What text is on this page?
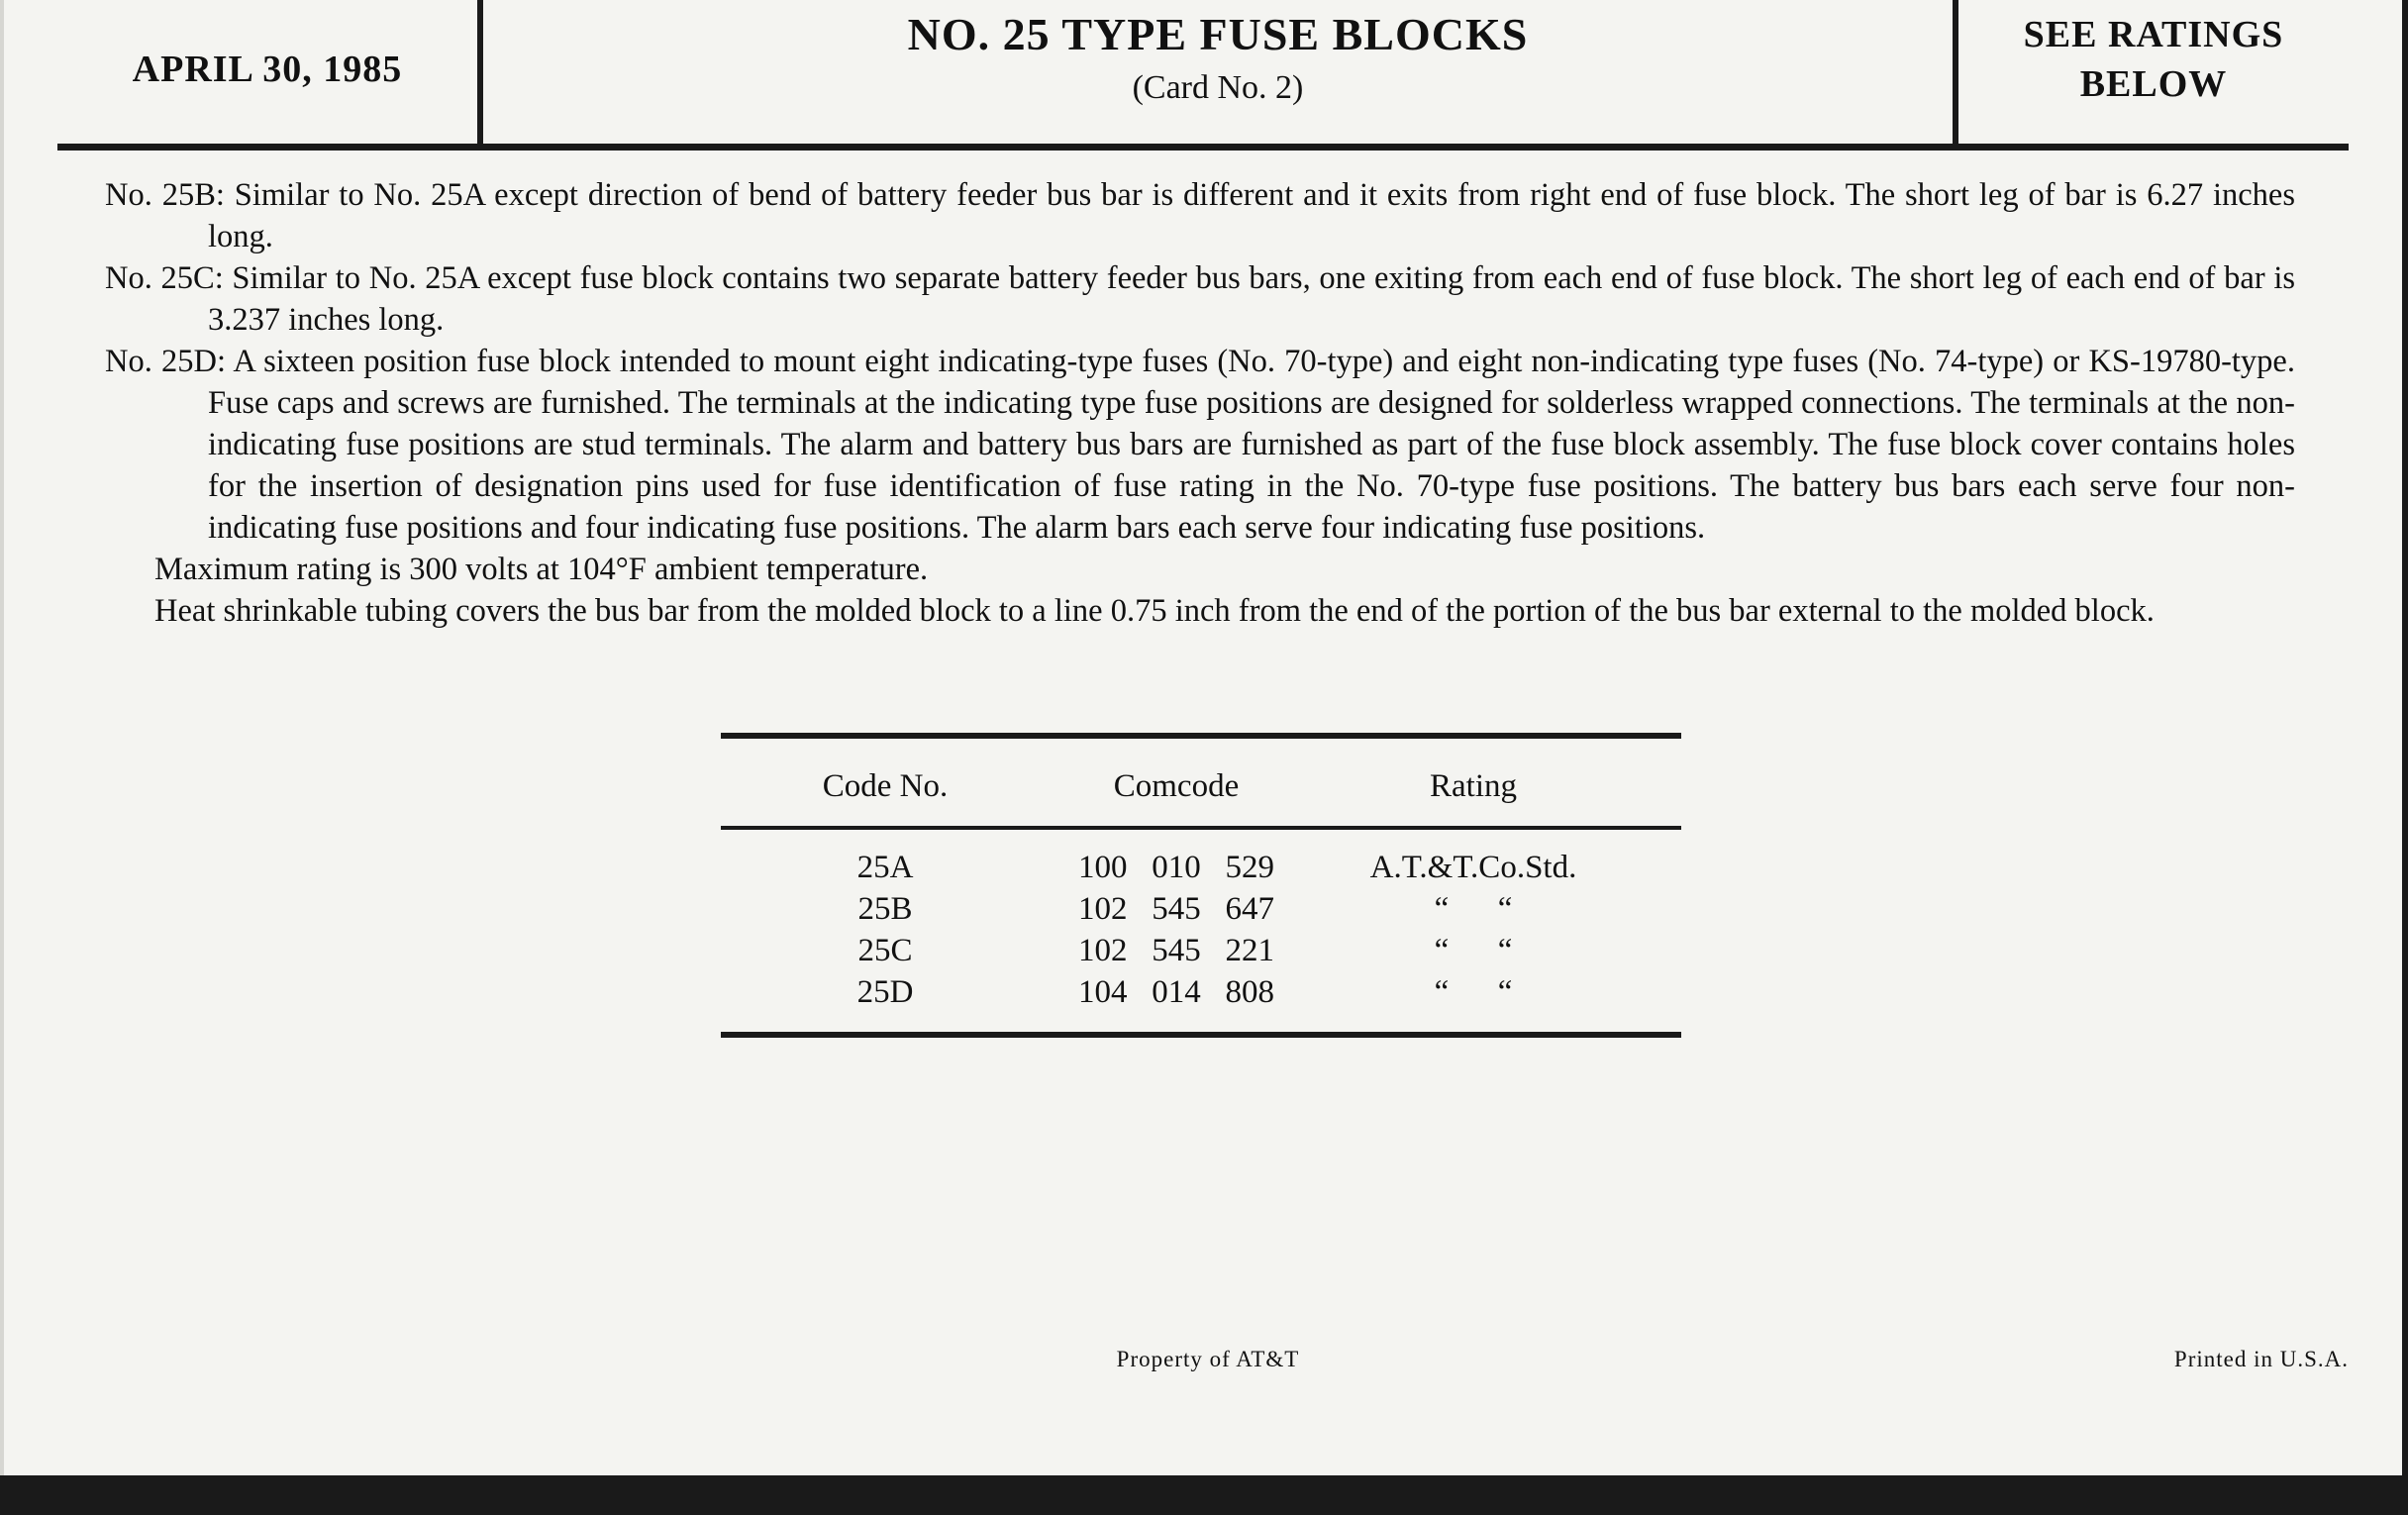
APRIL 30, 1985
NO. 25 TYPE FUSE BLOCKS
(Card No. 2)
SEE RATINGS
BELOW

No. 25B: Similar to No. 25A except direction of bend of battery feeder bus bar is different and it exits from right end of fuse block. The short leg of bar is 6.27 inches long.

No. 25C: Similar to No. 25A except fuse block contains two separate battery feeder bus bars, one exiting from each end of fuse block. The short leg of each end of bar is 3.237 inches long.

No. 25D: A sixteen position fuse block intended to mount eight indicating-type fuses (No. 70-type) and eight non-indicating type fuses (No. 74-type) or KS-19780-type. Fuse caps and screws are furnished. The terminals at the indicating type fuse positions are designed for solderless wrapped connections. The terminals at the non-indicating fuse positions are stud terminals. The alarm and battery bus bars are furnished as part of the fuse block assembly. The fuse block cover contains holes for the insertion of designation pins used for fuse identification of fuse rating in the No. 70-type fuse positions. The battery bus bars each serve four non-indicating fuse positions and four indicating fuse positions. The alarm bars each serve four indicating fuse positions.

Maximum rating is 300 volts at 104°F ambient temperature.

Heat shrinkable tubing covers the bus bar from the molded block to a line 0.75 inch from the end of the portion of the bus bar external to the molded block.

Code No.	Comcode	Rating
25A	100   010   529	A.T.&T.Co.Std.
25B	102   545   647	“      “
25C	102   545   221	“      “
25D	104   014   808	“      “
Property of AT&T	Printed in U.S.A.
